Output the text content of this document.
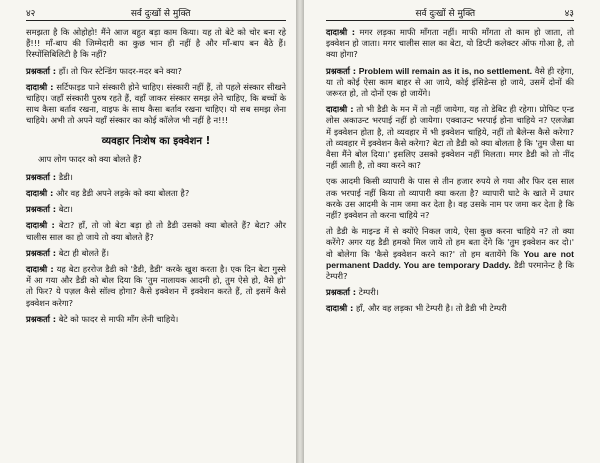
४२	सर्व दुःखों से मुक्ति

समझता है कि ओहोहो! मैंने आज बहुत बड़ा काम किया। यह तो बेटे को चोर बना रहे हैं!!! माँ-बाप की जिम्मेदारी का कुछ भान ही नहीं है और माँ-बाप बन बैठे हैं। रिस्पोंसिबिलिटी है कि नहीं?

प्रश्नकर्ता : हाँ। तो फिर स्टेन्डिंग फादर-मदर बने क्या?

दादाश्री : सर्टिफाइड पाने संस्कारी होने चाहिए। संस्कारी नहीं हैं, तो पहले संस्कार सीखने चाहिए। जहाँ संस्कारी पुरुष रहते हैं, वहाँ जाकर संस्कार समझ लेने चाहिए, कि बच्चों के साथ कैसा बर्ताव रखना, वाइफ के साथ कैसा बर्ताव रखना चाहिए। यो सब समझ लेना चाहिये। अभी तो अपने यहाँ संस्कार का कोई कॉलेज भी नहीं है न!!!

व्यवहार निःशेष का इक्वेशन !
आप लोग फादर को क्या बोलते हैं?

प्रश्नकर्ता : डैडी।

दादाश्री : और वह डैडी अपने लड़के को क्या बोलता है?

प्रश्नकर्ता : बेटा।

दादाश्री : बेटा? हाँ, तो जो बेटा बड़ा हो तो डैडी उसको क्या बोलते हैं? बेटा? और चालीस साल का हो जाये तो क्या बोलते हैं?

प्रश्नकर्ता : बेटा ही बोलते हैं।

दादाश्री : यह बेटा हररोज डैडी को 'डैडी, डैडी' करके खुश करता है। एक दिन बेटा गुस्से में आ गया और डैडी को बोल दिया कि 'तुम नालायक आदमी हो, तुम ऐसे हो, वैसे हो' तो फिर? ये पज़ल कैसे सॉल्व होगा? कैसे इक्वेशन में इक्वेशन करते हैं, तो इसमें कैसे इक्वेशन करेगा?

प्रश्नकर्ता : बेटे को फादर से माफी माँग लेनी चाहिये।

सर्व दुःखों से मुक्ति	४३

दादाश्री : मगर लड़का माफी माँगता नहीं। माफी माँगता तो काम हो जाता, तो इक्वेशन हो जाता। मगर चालीस साल का बेटा, यो डिप्टी कलेक्टर ऑफ गोआ है, तो क्या होगा?

प्रश्नकर्ता : Problem will remain as it is, no settlement. वैसे ही रहेगा, या तो कोई ऐसा काम बाहर से आ जाये, कोई इंसिडेन्स हो जाये, उसमें दोनों की जरूरत हो, तो दोनों एक हो जायेंगे।

दादाश्री : तो भी डैडी के मन में तो नहीं जायेगा, यह तो डेबिट ही रहेगा। प्रोफिट एन्ड लोस अकाउन्ट भरपाई नहीं हो जायेगा। एक्वाउन्ट भरपाई होना चाहिये न? एलजेब्रा में इक्वेशन होता है, तो व्यवहार में भी इक्वेशन चाहिये, नहीं तो बैलेन्स कैसे करेगा? तो व्यवहार में इक्वेशन कैसे करेगा? बेटा तो डैडी को क्या बोलता है कि 'तुम जैसा था वैसा मैंने बोल दिया।' इसलिए उसको इक्वेशन नहीं मिलता। मगर डैडी को तो नींद नहीं आती है, तो क्या करने का?

एक आदमी किसी व्यापारी के पास से तीन हजार रुपये ले गया और फिर दस साल तक भरपाई नहीं किया तो व्यापारी क्या करता है? व्यापारी घाटे के खाते में उधार करके उस आदमी के नाम जमा कर देता है। वह उसके नाम पर जमा कर देता है कि नहीं? इक्वेशन तो करना चाहिये न?

तो डैडी के माइन्ड में से क्योंऐ निकल जाये, ऐसा कुछ करना चाहिये न? तो क्या करेंगे? अगर यह डैडी हमको मिल जाये तो हम बता देंगे कि 'तुम इक्वेशन कर दो।' वो बोलेगा कि 'कैसे इक्वेशन करने का?' तो हम बतायेंगे कि You are not permanent Daddy. You are temporary Daddy. डैडी परमानेन्ट है कि टेम्परी?

प्रश्नकर्ता : टेम्परी।

दादाश्री : हाँ, और वह लड़का भी टेम्परी है। तो डैडी भी टेम्परी
